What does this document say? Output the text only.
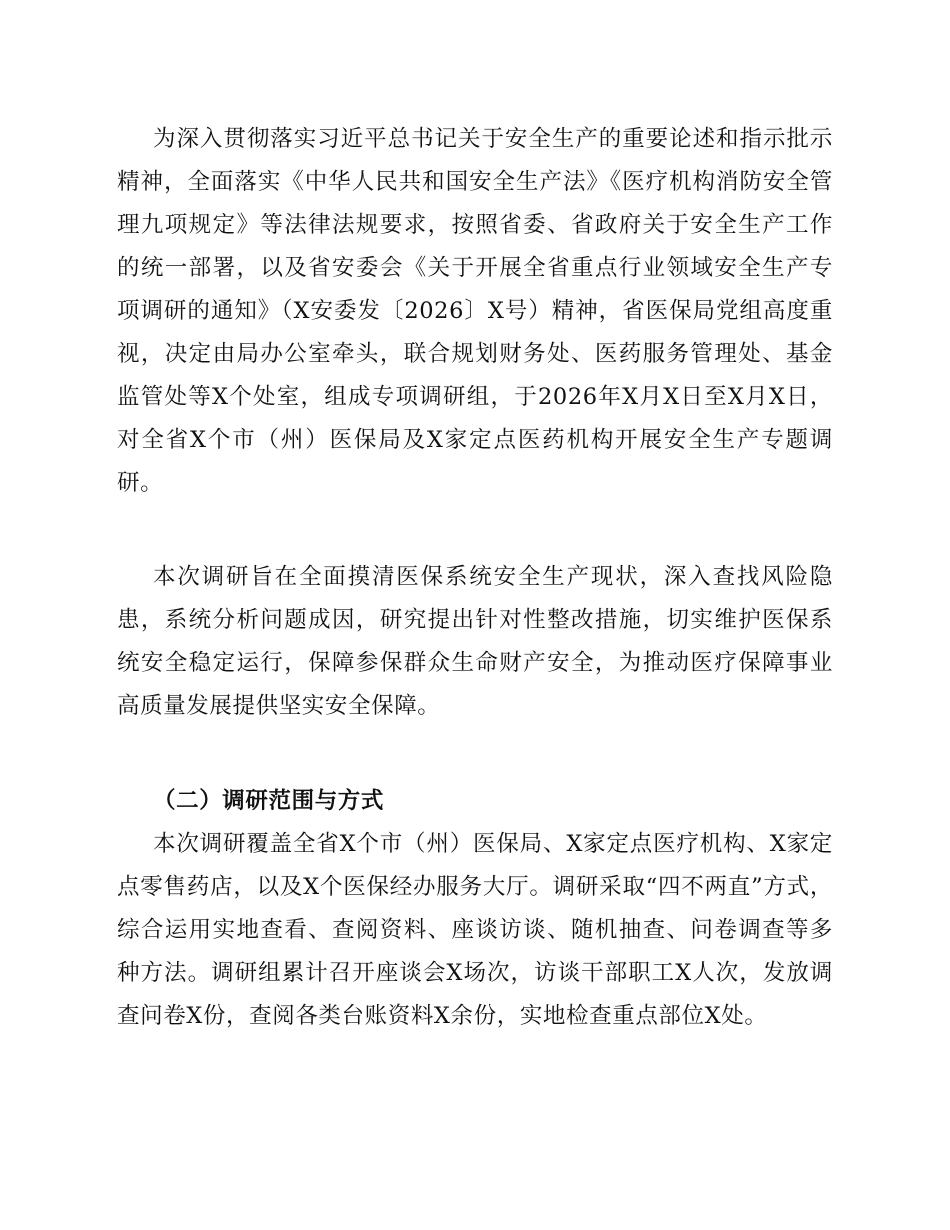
为深入贯彻落实习近平总书记关于安全生产的重要论述和指示批示精神，全面落实《中华人民共和国安全生产法》《医疗机构消防安全管理九项规定》等法律法规要求，按照省委、省政府关于安全生产工作的统一部署，以及省安委会《关于开展全省重点行业领域安全生产专项调研的通知》（X安委发〔2026〕X号）精神，省医保局党组高度重视，决定由局办公室牵头，联合规划财务处、医药服务管理处、基金监管处等X个处室，组成专项调研组，于2026年X月X日至X月X日，对全省X个市（州）医保局及X家定点医药机构开展安全生产专题调研。

本次调研旨在全面摸清医保系统安全生产现状，深入查找风险隐患，系统分析问题成因，研究提出针对性整改措施，切实维护医保系统安全稳定运行，保障参保群众生命财产安全，为推动医疗保障事业高质量发展提供坚实安全保障。

（二）调研范围与方式

本次调研覆盖全省X个市（州）医保局、X家定点医疗机构、X家定点零售药店，以及X个医保经办服务大厅。调研采取“四不两直”方式，综合运用实地查看、查阅资料、座谈访谈、随机抽查、问卷调查等多种方法。调研组累计召开座谈会X场次，访谈干部职工X人次，发放调查问卷X份，查阅各类台账资料X余份，实地检查重点部位X处。
